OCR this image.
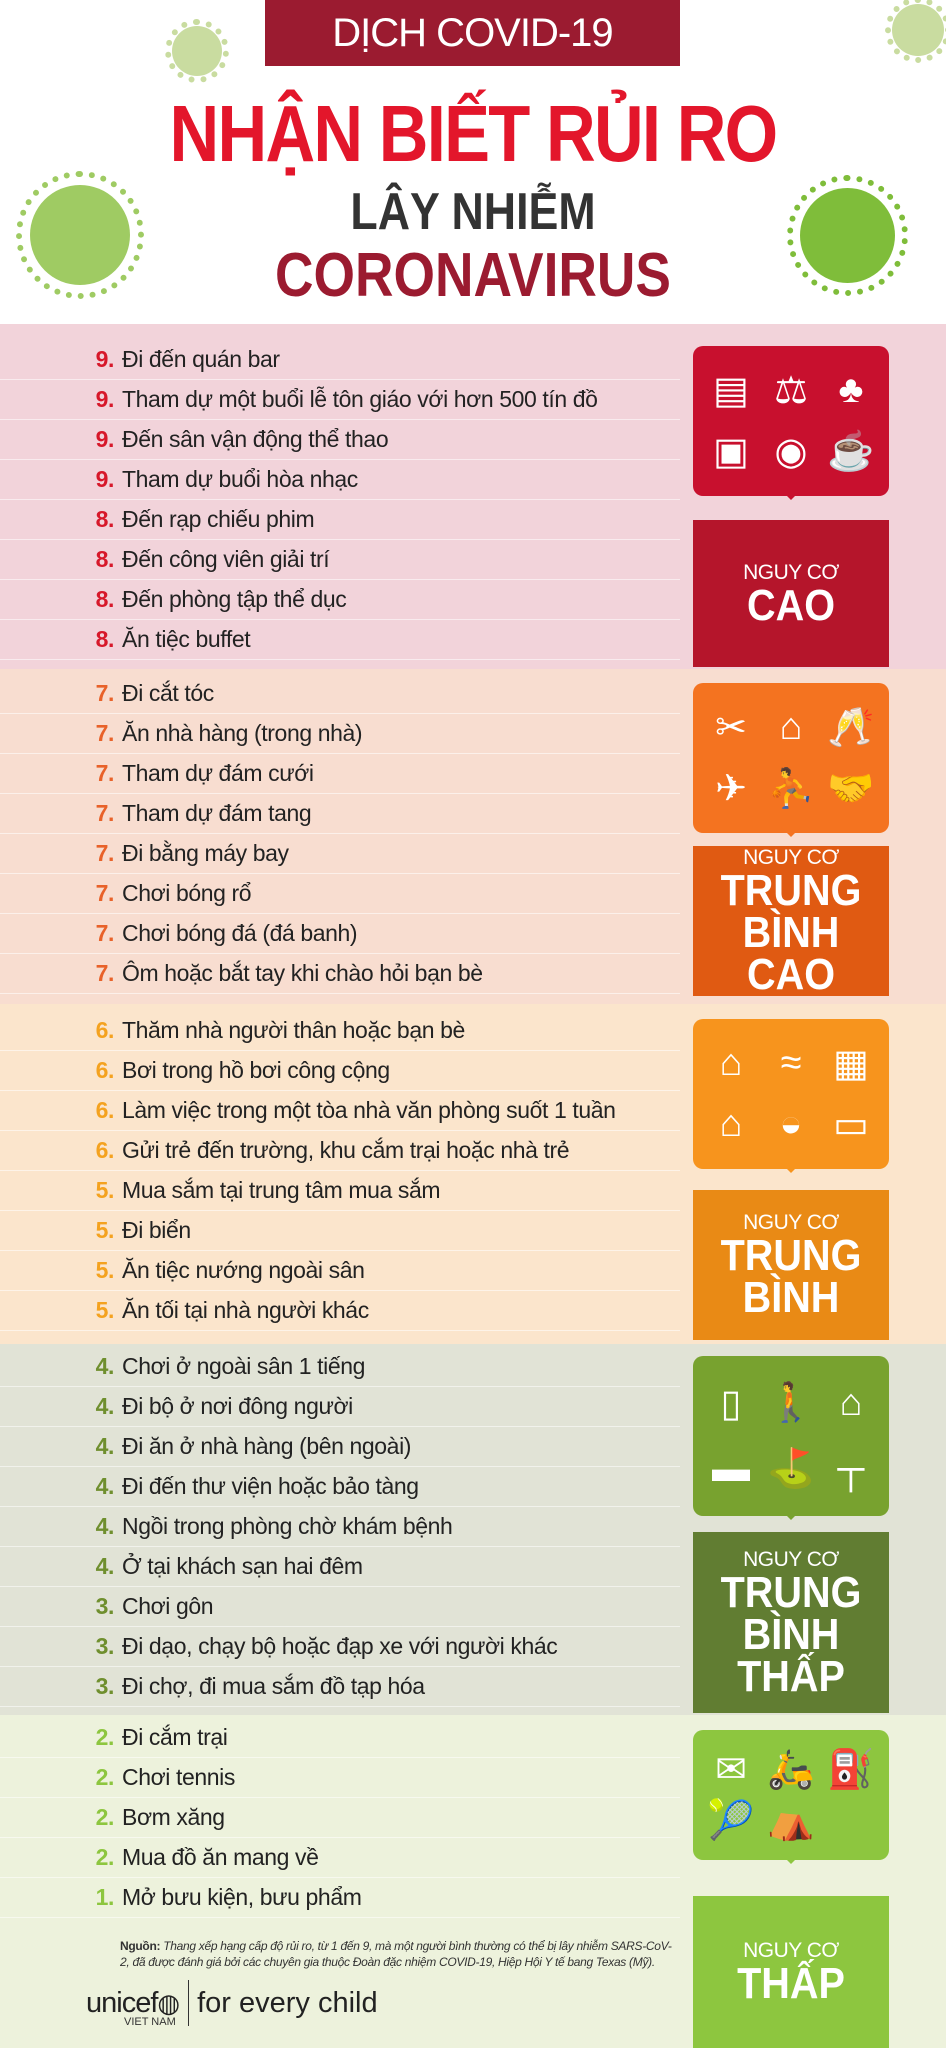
DỊCH COVID-19
NHẬN BIẾT RỦI RO
LÂY NHIỄM
CORONAVIRUS
9. Đi đến quán bar
9. Tham dự một buổi lễ tôn giáo với hơn 500 tín đồ
9. Đến sân vận động thể thao
9. Tham dự buổi hòa nhạc
8. Đến rạp chiếu phim
8. Đến công viên giải trí
8. Đến phòng tập thể dục
8. Ăn tiệc buffet
7. Đi cắt tóc
7. Ăn nhà hàng (trong nhà)
7. Tham dự đám cưới
7. Tham dự đám tang
7. Đi bằng máy bay
7. Chơi bóng rổ
7. Chơi bóng đá (đá banh)
7. Ôm hoặc bắt tay khi chào hỏi bạn bè
6. Thăm nhà người thân hoặc bạn bè
6. Bơi trong hồ bơi công cộng
6. Làm việc trong một tòa nhà văn phòng suốt 1 tuần
6. Gửi trẻ đến trường, khu cắm trại hoặc nhà trẻ
5. Mua sắm tại trung tâm mua sắm
5. Đi biển
5. Ăn tiệc nướng ngoài sân
5. Ăn tối tại nhà người khác
4. Chơi ở ngoài sân 1 tiếng
4. Đi bộ ở nơi đông người
4. Đi ăn ở nhà hàng (bên ngoài)
4. Đi đến thư viện hoặc bảo tàng
4. Ngồi trong phòng chờ khám bệnh
4. Ở tại khách sạn hai đêm
3. Chơi gôn
3. Đi dạo, chạy bộ hoặc đạp xe với người khác
3. Đi chợ, đi mua sắm đồ tạp hóa
2. Đi cắm trại
2. Chơi tennis
2. Bơm xăng
2. Mua đồ ăn mang về
1. Mở bưu kiện, bưu phẩm
Nguồn: Thang xếp hạng cấp độ rủi ro, từ 1 đến 9, mà một người bình thường có thể bị lây nhiễm SARS-CoV-2, đã được đánh giá bởi các chuyên gia thuộc Đoàn đặc nhiệm COVID-19, Hiệp Hội Y tế bang Texas (Mỹ).
unicef ◍ for every child
VIET NAM
▤ ⚖ ♣
▣ ◉ ☕
NGUY CƠ
CAO
✂ ⌂ 🥂
✈ ⛹ 🤝
NGUY CƠ
TRUNG
BÌNH
CAO
⌂ ≈ ▦
⌂ ◒ ▭
NGUY CƠ
TRUNG
BÌNH
▯ 🚶 ⌂
▬ ⛳ ┬
NGUY CƠ
TRUNG
BÌNH
THẤP
✉ 🛵 ⛽
🎾 ⛺
NGUY CƠ
THẤP
